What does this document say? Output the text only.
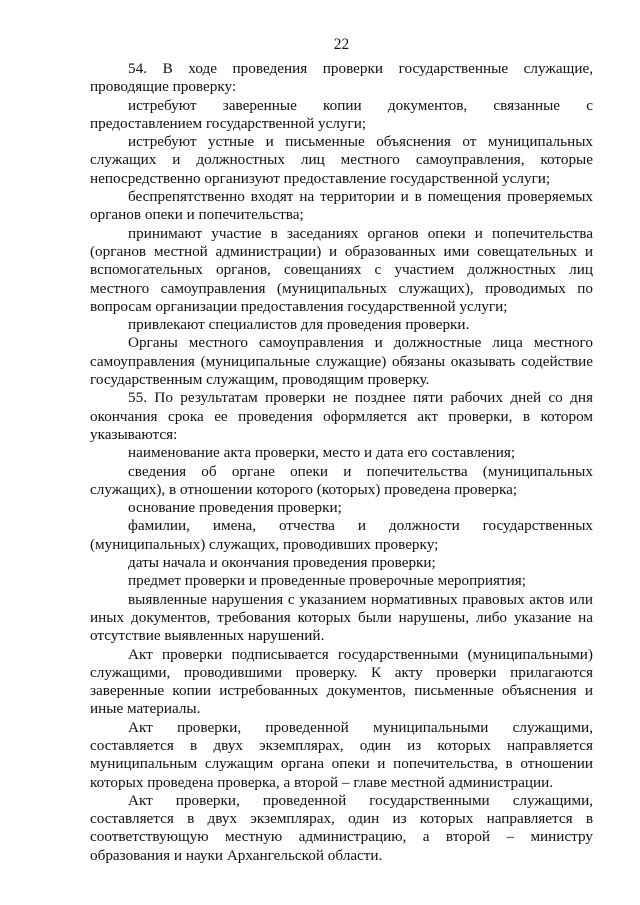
22

54. В ходе проведения проверки государственные служащие, проводящие проверку:

истребуют заверенные копии документов, связанные с предоставлением государственной услуги;

истребуют устные и письменные объяснения от муниципальных служащих и должностных лиц местного самоуправления, которые непосредственно организуют предоставление государственной услуги;

беспрепятственно входят на территории и в помещения проверяемых органов опеки и попечительства;

принимают участие в заседаниях органов опеки и попечительства (органов местной администрации) и образованных ими совещательных и вспомогательных органов, совещаниях с участием должностных лиц местного самоуправления (муниципальных служащих), проводимых по вопросам организации предоставления государственной услуги;

привлекают специалистов для проведения проверки.

Органы местного самоуправления и должностные лица местного самоуправления (муниципальные служащие) обязаны оказывать содействие государственным служащим, проводящим проверку.

55. По результатам проверки не позднее пяти рабочих дней со дня окончания срока ее проведения оформляется акт проверки, в котором указываются:

наименование акта проверки, место и дата его составления;

сведения об органе опеки и попечительства (муниципальных служащих), в отношении которого (которых) проведена проверка;

основание проведения проверки;

фамилии, имена, отчества и должности государственных (муниципальных) служащих, проводивших проверку;

даты начала и окончания проведения проверки;

предмет проверки и проведенные проверочные мероприятия;

выявленные нарушения с указанием нормативных правовых актов или иных документов, требования которых были нарушены, либо указание на отсутствие выявленных нарушений.

Акт проверки подписывается государственными (муниципальными) служащими, проводившими проверку. К акту проверки прилагаются заверенные копии истребованных документов, письменные объяснения и иные материалы.

Акт проверки, проведенной муниципальными служащими, составляется в двух экземплярах, один из которых направляется муниципальным служащим органа опеки и попечительства, в отношении которых проведена проверка, а второй – главе местной администрации.

Акт проверки, проведенной государственными служащими, составляется в двух экземплярах, один из которых направляется в соответствующую местную администрацию, а второй – министру образования и науки Архангельской области.
